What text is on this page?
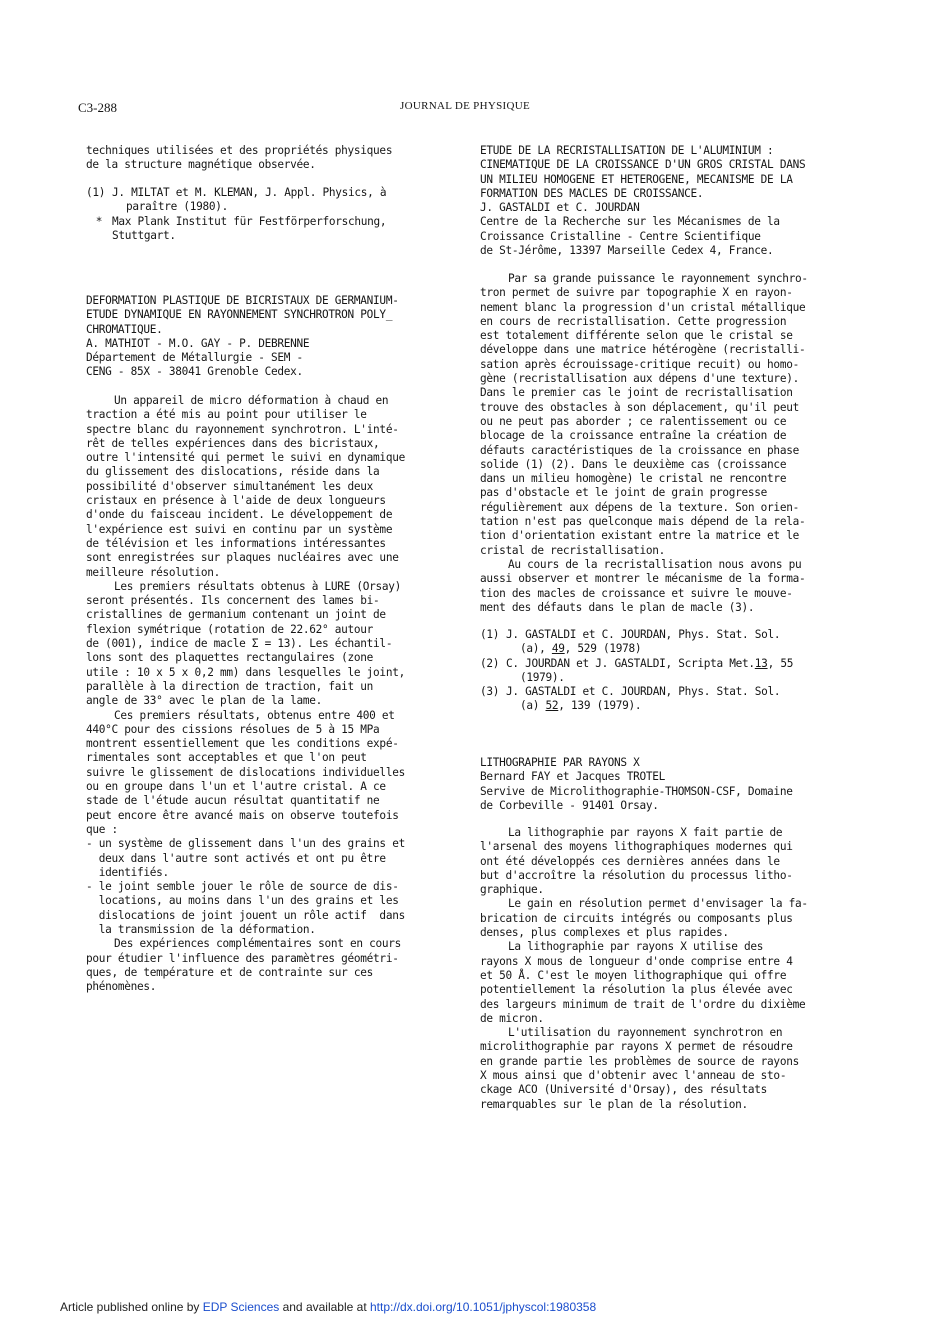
C3-288	JOURNAL DE PHYSIQUE
techniques utilisées et des propriétés physiques
de la structure magnétique observée.
(1) J. MILTAT et M. KLEMAN, J. Appl. Physics, à
paraître (1980).
* Max Plank Institut für Festförperforschung,
Stuttgart.
DEFORMATION PLASTIQUE DE BICRISTAUX DE GERMANIUM-
ETUDE DYNAMIQUE EN RAYONNEMENT SYNCHROTRON POLY_
CHROMATIQUE.
A. MATHIOT - M.O. GAY - P. DEBRENNE
Département de Métallurgie - SEM -
CENG - 85X - 38041 Grenoble Cedex.
Un appareil de micro déformation à chaud en
traction a été mis au point pour utiliser le
spectre blanc du rayonnement synchrotron. L'inté-
rêt de telles expériences dans des bicristaux,
outre l'intensité qui permet le suivi en dynamique
du glissement des dislocations, réside dans la
possibilité d'observer simultanément les deux
cristaux en présence à l'aide de deux longueurs
d'onde du faisceau incident. Le développement de
l'expérience est suivi en continu par un système
de télévision et les informations intéressantes
sont enregistrées sur plaques nucléaires avec une
meilleure résolution.
Les premiers résultats obtenus à LURE (Orsay)
seront présentés. Ils concernent des lames bi-
cristallines de germanium contenant un joint de
flexion symétrique (rotation de 22.62° autour
de (001), indice de macle Σ = 13). Les échantil-
lons sont des plaquettes rectangulaires (zone
utile : 10 x 5 x 0,2 mm) dans lesquelles le joint,
parallèle à la direction de traction, fait un
angle de 33° avec le plan de la lame.
Ces premiers résultats, obtenus entre 400 et
440°C pour des cissions résolues de 5 à 15 MPa
montrent essentiellement que les conditions expé-
rimentales sont acceptables et que l'on peut
suivre le glissement de dislocations individuelles
ou en groupe dans l'un et l'autre cristal. A ce
stade de l'étude aucun résultat quantitatif ne
peut encore être avancé mais on observe toutefois
que :
- un système de glissement dans l'un des grains et
deux dans l'autre sont activés et ont pu être
identifiés.
- le joint semble jouer le rôle de source de dis-
locations, au moins dans l'un des grains et les
dislocations de joint jouent un rôle actif  dans
la transmission de la déformation.
Des expériences complémentaires sont en cours
pour étudier l'influence des paramètres géométri-
ques, de température et de contrainte sur ces
phénomènes.
ETUDE DE LA RECRISTALLISATION DE L'ALUMINIUM :
CINEMATIQUE DE LA CROISSANCE D'UN GROS CRISTAL DANS
UN MILIEU HOMOGENE ET HETEROGENE, MECANISME DE LA
FORMATION DES MACLES DE CROISSANCE.
J. GASTALDI et C. JOURDAN
Centre de la Recherche sur les Mécanismes de la
Croissance Cristalline - Centre Scientifique
de St-Jérôme, 13397 Marseille Cedex 4, France.
Par sa grande puissance le rayonnement synchro-
tron permet de suivre par topographie X en rayon-
nement blanc la progression d'un cristal métallique
en cours de recristallisation. Cette progression
est totalement différente selon que le cristal se
développe dans une matrice hétérogène (recristalli-
sation après écrouissage-critique recuit) ou homo-
gène (recristallisation aux dépens d'une texture).
Dans le premier cas le joint de recristallisation
trouve des obstacles à son déplacement, qu'il peut
ou ne peut pas aborder ; ce ralentissement ou ce
blocage de la croissance entraîne la création de
défauts caractéristiques de la croissance en phase
solide (1) (2). Dans le deuxième cas (croissance
dans un milieu homogène) le cristal ne rencontre
pas d'obstacle et le joint de grain progresse
régulièrement aux dépens de la texture. Son orien-
tation n'est pas quelconque mais dépend de la rela-
tion d'orientation existant entre la matrice et le
cristal de recristallisation.
Au cours de la recristallisation nous avons pu
aussi observer et montrer le mécanisme de la forma-
tion des macles de croissance et suivre le mouve-
ment des défauts dans le plan de macle (3).
(1) J. GASTALDI et C. JOURDAN, Phys. Stat. Sol.
(a), 49, 529 (1978)
(2) C. JOURDAN et J. GASTALDI, Scripta Met.13, 55
(1979).
(3) J. GASTALDI et C. JOURDAN, Phys. Stat. Sol.
(a) 52, 139 (1979).
LITHOGRAPHIE PAR RAYONS X
Bernard FAY et Jacques TROTEL
Servive de Microlithographie-THOMSON-CSF, Domaine
de Corbeville - 91401 Orsay.
La lithographie par rayons X fait partie de
l'arsenal des moyens lithographiques modernes qui
ont été développés ces dernières années dans le
but d'accroître la résolution du processus litho-
graphique.
Le gain en résolution permet d'envisager la fa-
brication de circuits intégrés ou composants plus
denses, plus complexes et plus rapides.
La lithographie par rayons X utilise des
rayons X mous de longueur d'onde comprise entre 4
et 50 Å. C'est le moyen lithographique qui offre
potentiellement la résolution la plus élevée avec
des largeurs minimum de trait de l'ordre du dixième
de micron.
L'utilisation du rayonnement synchrotron en
microlithographie par rayons X permet de résoudre
en grande partie les problèmes de source de rayons
X mous ainsi que d'obtenir avec l'anneau de sto-
ckage ACO (Université d'Orsay), des résultats
remarquables sur le plan de la résolution.
Article published online by EDP Sciences and available at http://dx.doi.org/10.1051/jphyscol:1980358
